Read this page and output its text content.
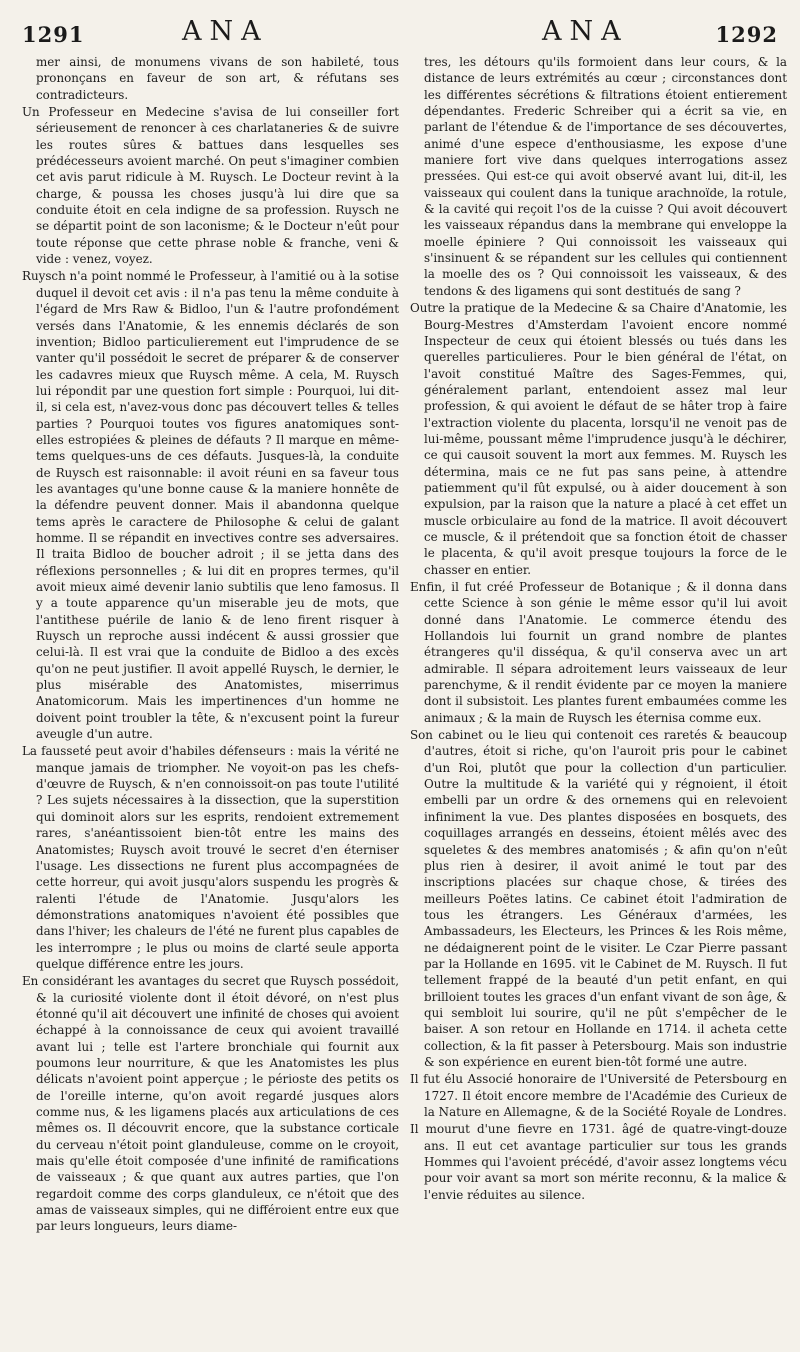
1291	ANA	ANA	1292

mer ainsi, de monumens vivans de son habileté, tous prononçans en faveur de son art, & réfutans ses contradicteurs.

Un Professeur en Medecine s'avisa de lui conseiller fort sérieusement de renoncer à ces charlataneries & de suivre les routes sûres & battues dans lesquelles ses prédécesseurs avoient marché. On peut s'imaginer combien cet avis parut ridicule à M. Ruysch. Le Docteur revint à la charge, & poussa les choses jusqu'à lui dire que sa conduite étoit en cela indigne de sa profession. Ruysch ne se départit point de son laconisme; & le Docteur n'eût pour toute réponse que cette phrase noble & franche, veni & vide : venez, voyez.

Ruysch n'a point nommé le Professeur, à l'amitié ou à la sotise duquel il devoit cet avis : il n'a pas tenu la même conduite à l'égard de Mrs Raw & Bidloo, l'un & l'autre profondément versés dans l'Anatomie, & les ennemis déclarés de son invention; Bidloo particulierement eut l'imprudence de se vanter qu'il possédoit le secret de préparer & de conserver les cadavres mieux que Ruysch même. A cela, M. Ruysch lui répondit par une question fort simple : Pourquoi, lui dit-il, si cela est, n'avez-vous donc pas découvert telles & telles parties ? Pourquoi toutes vos figures anatomiques sont-elles estropiées & pleines de défauts ? Il marque en même-tems quelques-uns de ces défauts. Jusques-là, la conduite de Ruysch est raisonnable: il avoit réuni en sa faveur tous les avantages qu'une bonne cause & la maniere honnête de la défendre peuvent donner. Mais il abandonna quelque tems après le caractere de Philosophe & celui de galant homme. Il se répandit en invectives contre ses adversaires. Il traita Bidloo de boucher adroit ; il se jetta dans des réflexions personnelles ; & lui dit en propres termes, qu'il avoit mieux aimé devenir lanio subtilis que leno famosus. Il y a toute apparence qu'un miserable jeu de mots, que l'antithese puérile de lanio & de leno firent risquer à Ruysch un reproche aussi indécent & aussi grossier que celui-là. Il est vrai que la conduite de Bidloo a des excès qu'on ne peut justifier. Il avoit appellé Ruysch, le dernier, le plus misérable des Anatomistes, miserrimus Anatomicorum. Mais les impertinences d'un homme ne doivent point troubler la tête, & n'excusent point la fureur aveugle d'un autre.

La fausseté peut avoir d'habiles défenseurs : mais la vérité ne manque jamais de triompher. Ne voyoit-on pas les chefs-d'œuvre de Ruysch, & n'en connoissoit-on pas toute l'utilité ? Les sujets nécessaires à la dissection, que la superstition qui dominoit alors sur les esprits, rendoient extremement rares, s'anéantissoient bien-tôt entre les mains des Anatomistes; Ruysch avoit trouvé le secret d'en éterniser l'usage. Les dissections ne furent plus accompagnées de cette horreur, qui avoit jusqu'alors suspendu les progrès & ralenti l'étude de l'Anatomie. Jusqu'alors les démonstrations anatomiques n'avoient été possibles que dans l'hiver; les chaleurs de l'été ne furent plus capables de les interrompre ; le plus ou moins de clarté seule apporta quelque différence entre les jours.

En considérant les avantages du secret que Ruysch possédoit, & la curiosité violente dont il étoit dévoré, on n'est plus étonné qu'il ait découvert une infinité de choses qui avoient échappé à la connoissance de ceux qui avoient travaillé avant lui ; telle est l'artere bronchiale qui fournit aux poumons leur nourriture, & que les Anatomistes les plus délicats n'avoient point apperçue ; le périoste des petits os de l'oreille interne, qu'on avoit regardé jusques alors comme nus, & les ligamens placés aux articulations de ces mêmes os. Il découvrit encore, que la substance corticale du cerveau n'étoit point glanduleuse, comme on le croyoit, mais qu'elle étoit composée d'une infinité de ramifications de vaisseaux ; & que quant aux autres parties, que l'on regardoit comme des corps glanduleux, ce n'étoit que des amas de vaisseaux simples, qui ne différoient entre eux que par leurs longueurs, leurs diame-

tres, les détours qu'ils formoient dans leur cours, & la distance de leurs extrémités au cœur ; circonstances dont les différentes sécrétions & filtrations étoient entierement dépendantes. Frederic Schreiber qui a écrit sa vie, en parlant de l'étendue & de l'importance de ses découvertes, animé d'une espece d'enthousiasme, les expose d'une maniere fort vive dans quelques interrogations assez pressées. Qui est-ce qui avoit observé avant lui, dit-il, les vaisseaux qui coulent dans la tunique arachnoïde, la rotule, & la cavité qui reçoit l'os de la cuisse ? Qui avoit découvert les vaisseaux répandus dans la membrane qui enveloppe la moelle épiniere ? Qui connoissoit les vaisseaux qui s'insinuent & se répandent sur les cellules qui contiennent la moelle des os ? Qui connoissoit les vaisseaux, & des tendons & des ligamens qui sont destitués de sang ?

Outre la pratique de la Medecine & sa Chaire d'Anatomie, les Bourg-Mestres d'Amsterdam l'avoient encore nommé Inspecteur de ceux qui étoient blessés ou tués dans les querelles particulieres. Pour le bien général de l'état, on l'avoit constitué Maître des Sages-Femmes, qui, généralement parlant, entendoient assez mal leur profession, & qui avoient le défaut de se hâter trop à faire l'extraction violente du placenta, lorsqu'il ne venoit pas de lui-même, poussant même l'imprudence jusqu'à le déchirer, ce qui causoit souvent la mort aux femmes. M. Ruysch les détermina, mais ce ne fut pas sans peine, à attendre patiemment qu'il fût expulsé, ou à aider doucement à son expulsion, par la raison que la nature a placé à cet effet un muscle orbiculaire au fond de la matrice. Il avoit découvert ce muscle, & il prétendoit que sa fonction étoit de chasser le placenta, & qu'il avoit presque toujours la force de le chasser en entier.

Enfin, il fut créé Professeur de Botanique ; & il donna dans cette Science à son génie le même essor qu'il lui avoit donné dans l'Anatomie. Le commerce étendu des Hollandois lui fournit un grand nombre de plantes étrangeres qu'il disséqua, & qu'il conserva avec un art admirable. Il sépara adroitement leurs vaisseaux de leur parenchyme, & il rendit évidente par ce moyen la maniere dont il subsistoit. Les plantes furent embaumées comme les animaux ; & la main de Ruysch les éternisa comme eux.

Son cabinet ou le lieu qui contenoit ces raretés & beaucoup d'autres, étoit si riche, qu'on l'auroit pris pour le cabinet d'un Roi, plutôt que pour la collection d'un particulier. Outre la multitude & la variété qui y régnoient, il étoit embelli par un ordre & des ornemens qui en relevoient infiniment la vue. Des plantes disposées en bosquets, des coquillages arrangés en desseins, étoient mêlés avec des squeletes & des membres anatomisés ; & afin qu'on n'eût plus rien à desirer, il avoit animé le tout par des inscriptions placées sur chaque chose, & tirées des meilleurs Poëtes latins. Ce cabinet étoit l'admiration de tous les étrangers. Les Généraux d'armées, les Ambassadeurs, les Electeurs, les Princes & les Rois même, ne dédaignerent point de le visiter. Le Czar Pierre passant par la Hollande en 1695. vit le Cabinet de M. Ruysch. Il fut tellement frappé de la beauté d'un petit enfant, en qui brilloient toutes les graces d'un enfant vivant de son âge, & qui sembloit lui sourire, qu'il ne pût s'empêcher de le baiser. A son retour en Hollande en 1714. il acheta cette collection, & la fit passer à Petersbourg. Mais son industrie & son expérience en eurent bien-tôt formé une autre.

Il fut élu Associé honoraire de l'Université de Petersbourg en 1727. Il étoit encore membre de l'Académie des Curieux de la Nature en Allemagne, & de la Société Royale de Londres.

Il mourut d'une fievre en 1731. âgé de quatre-vingt-douze ans. Il eut cet avantage particulier sur tous les grands Hommes qui l'avoient précédé, d'avoir assez longtems vécu pour voir avant sa mort son mérite reconnu, & la malice & l'envie réduites au silence.
